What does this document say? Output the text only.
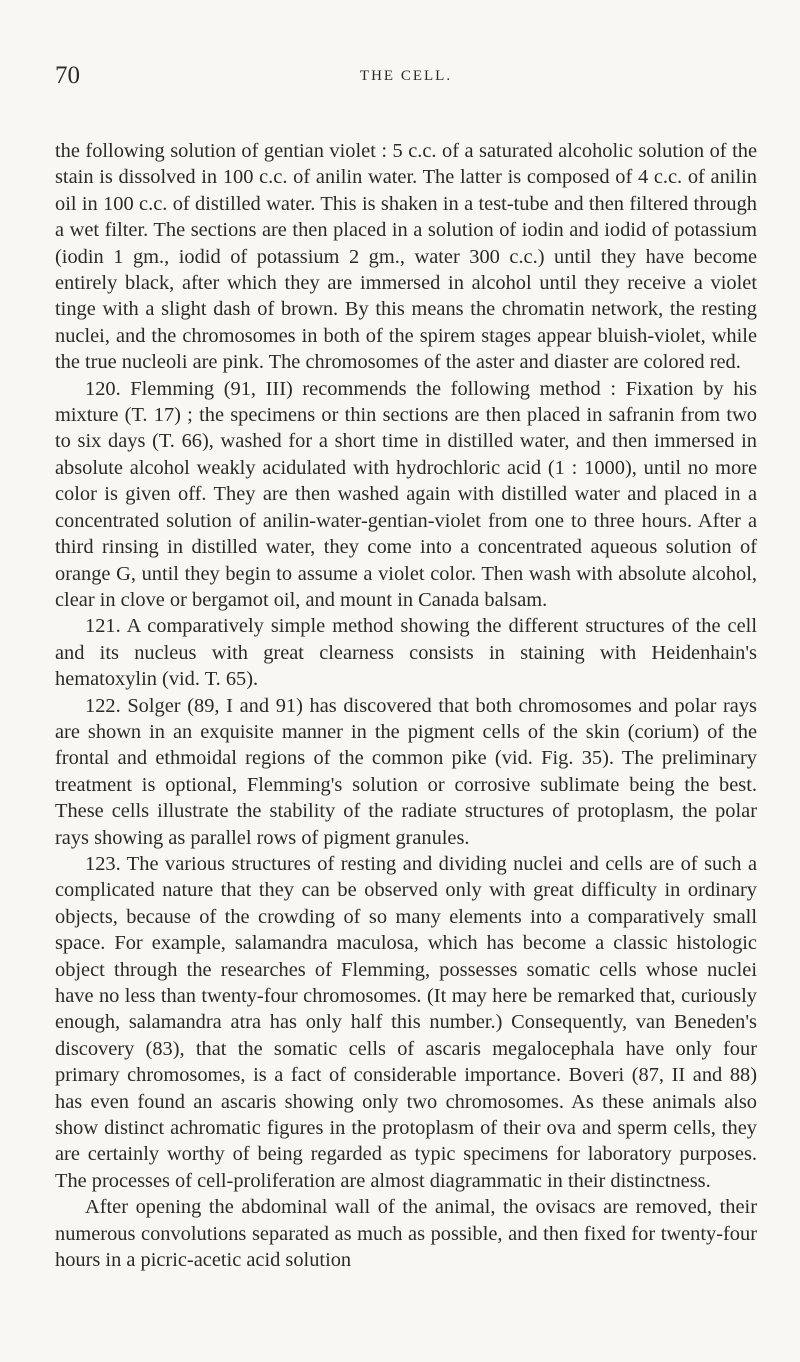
70	THE CELL.

the following solution of gentian violet : 5 c.c. of a saturated alcoholic solution of the stain is dissolved in 100 c.c. of anilin water. The latter is composed of 4 c.c. of anilin oil in 100 c.c. of distilled water. This is shaken in a test-tube and then filtered through a wet filter. The sections are then placed in a solution of iodin and iodid of potassium (iodin 1 gm., iodid of potassium 2 gm., water 300 c.c.) until they have become entirely black, after which they are immersed in alcohol until they receive a violet tinge with a slight dash of brown. By this means the chromatin network, the resting nuclei, and the chromosomes in both of the spirem stages appear bluish-violet, while the true nucleoli are pink. The chromosomes of the aster and diaster are colored red.

120. Flemming (91, III) recommends the following method : Fixation by his mixture (T. 17) ; the specimens or thin sections are then placed in safranin from two to six days (T. 66), washed for a short time in distilled water, and then immersed in absolute alcohol weakly acidulated with hydrochloric acid (1 : 1000), until no more color is given off. They are then washed again with distilled water and placed in a concentrated solution of anilin-water-gentian-violet from one to three hours. After a third rinsing in distilled water, they come into a concentrated aqueous solution of orange G, until they begin to assume a violet color. Then wash with absolute alcohol, clear in clove or bergamot oil, and mount in Canada balsam.

121. A comparatively simple method showing the different structures of the cell and its nucleus with great clearness consists in staining with Heidenhain's hematoxylin (vid. T. 65).

122. Solger (89, I and 91) has discovered that both chromosomes and polar rays are shown in an exquisite manner in the pigment cells of the skin (corium) of the frontal and ethmoidal regions of the common pike (vid. Fig. 35). The preliminary treatment is optional, Flemming's solution or corrosive sublimate being the best. These cells illustrate the stability of the radiate structures of protoplasm, the polar rays showing as parallel rows of pigment granules.

123. The various structures of resting and dividing nuclei and cells are of such a complicated nature that they can be observed only with great difficulty in ordinary objects, because of the crowding of so many elements into a comparatively small space. For example, salamandra maculosa, which has become a classic histologic object through the researches of Flemming, possesses somatic cells whose nuclei have no less than twenty-four chromosomes. (It may here be remarked that, curiously enough, salamandra atra has only half this number.) Consequently, van Beneden's discovery (83), that the somatic cells of ascaris megalocephala have only four primary chromosomes, is a fact of considerable importance. Boveri (87, II and 88) has even found an ascaris showing only two chromosomes. As these animals also show distinct achromatic figures in the protoplasm of their ova and sperm cells, they are certainly worthy of being regarded as typic specimens for laboratory purposes. The processes of cell-proliferation are almost diagrammatic in their distinctness.

After opening the abdominal wall of the animal, the ovisacs are removed, their numerous convolutions separated as much as possible, and then fixed for twenty-four hours in a picric-acetic acid solution
